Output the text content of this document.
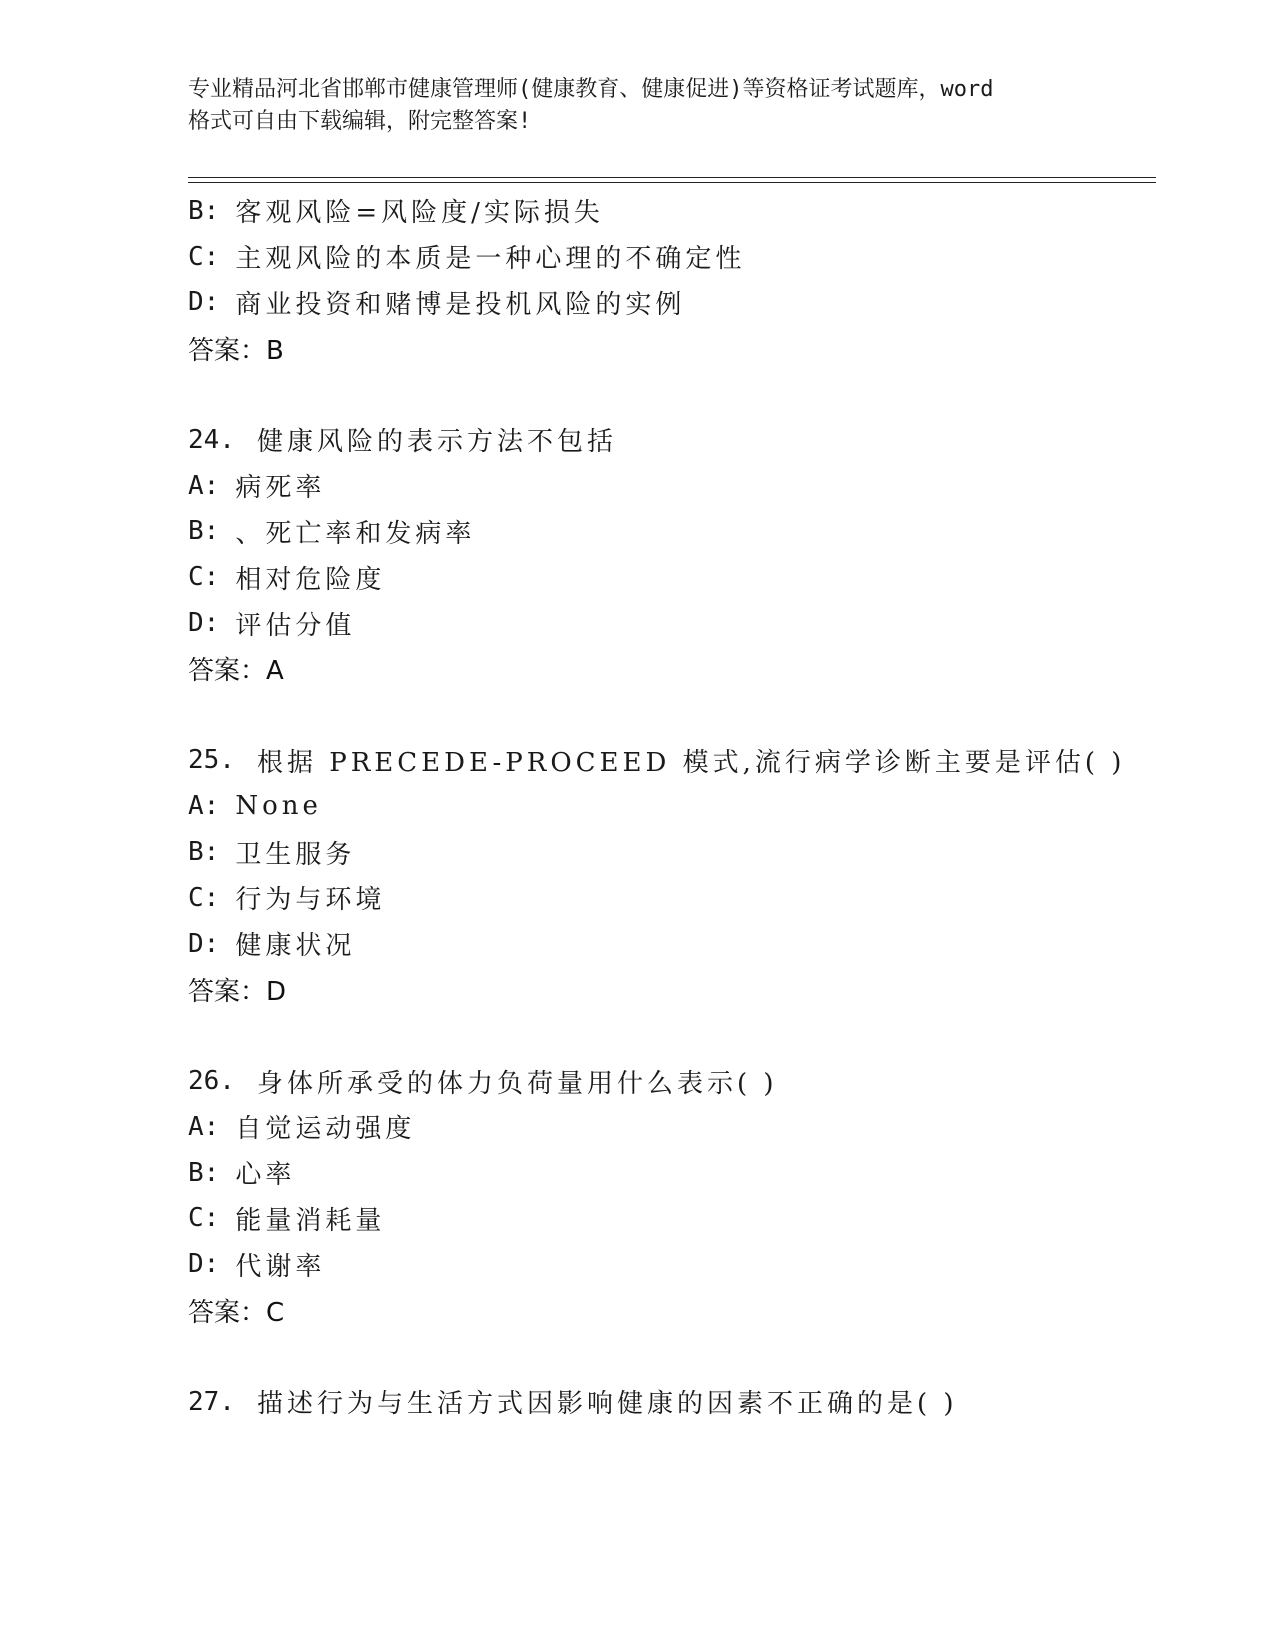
专业精品河北省邯郸市健康管理师(健康教育、健康促进)等资格证考试题库，word
格式可自由下载编辑，附完整答案!
B: 客观风险=风险度/实际损失
C: 主观风险的本质是一种心理的不确定性
D: 商业投资和赌博是投机风险的实例
答案：B
24. 健康风险的表示方法不包括
A: 病死率
B: 、死亡率和发病率
C: 相对危险度
D: 评估分值
答案：A
25. 根据 PRECEDE-PROCEED 模式,流行病学诊断主要是评估( )
A: None
B: 卫生服务
C: 行为与环境
D: 健康状况
答案：D
26. 身体所承受的体力负荷量用什么表示( )
A: 自觉运动强度
B: 心率
C: 能量消耗量
D: 代谢率
答案：C
27. 描述行为与生活方式因影响健康的因素不正确的是( )
